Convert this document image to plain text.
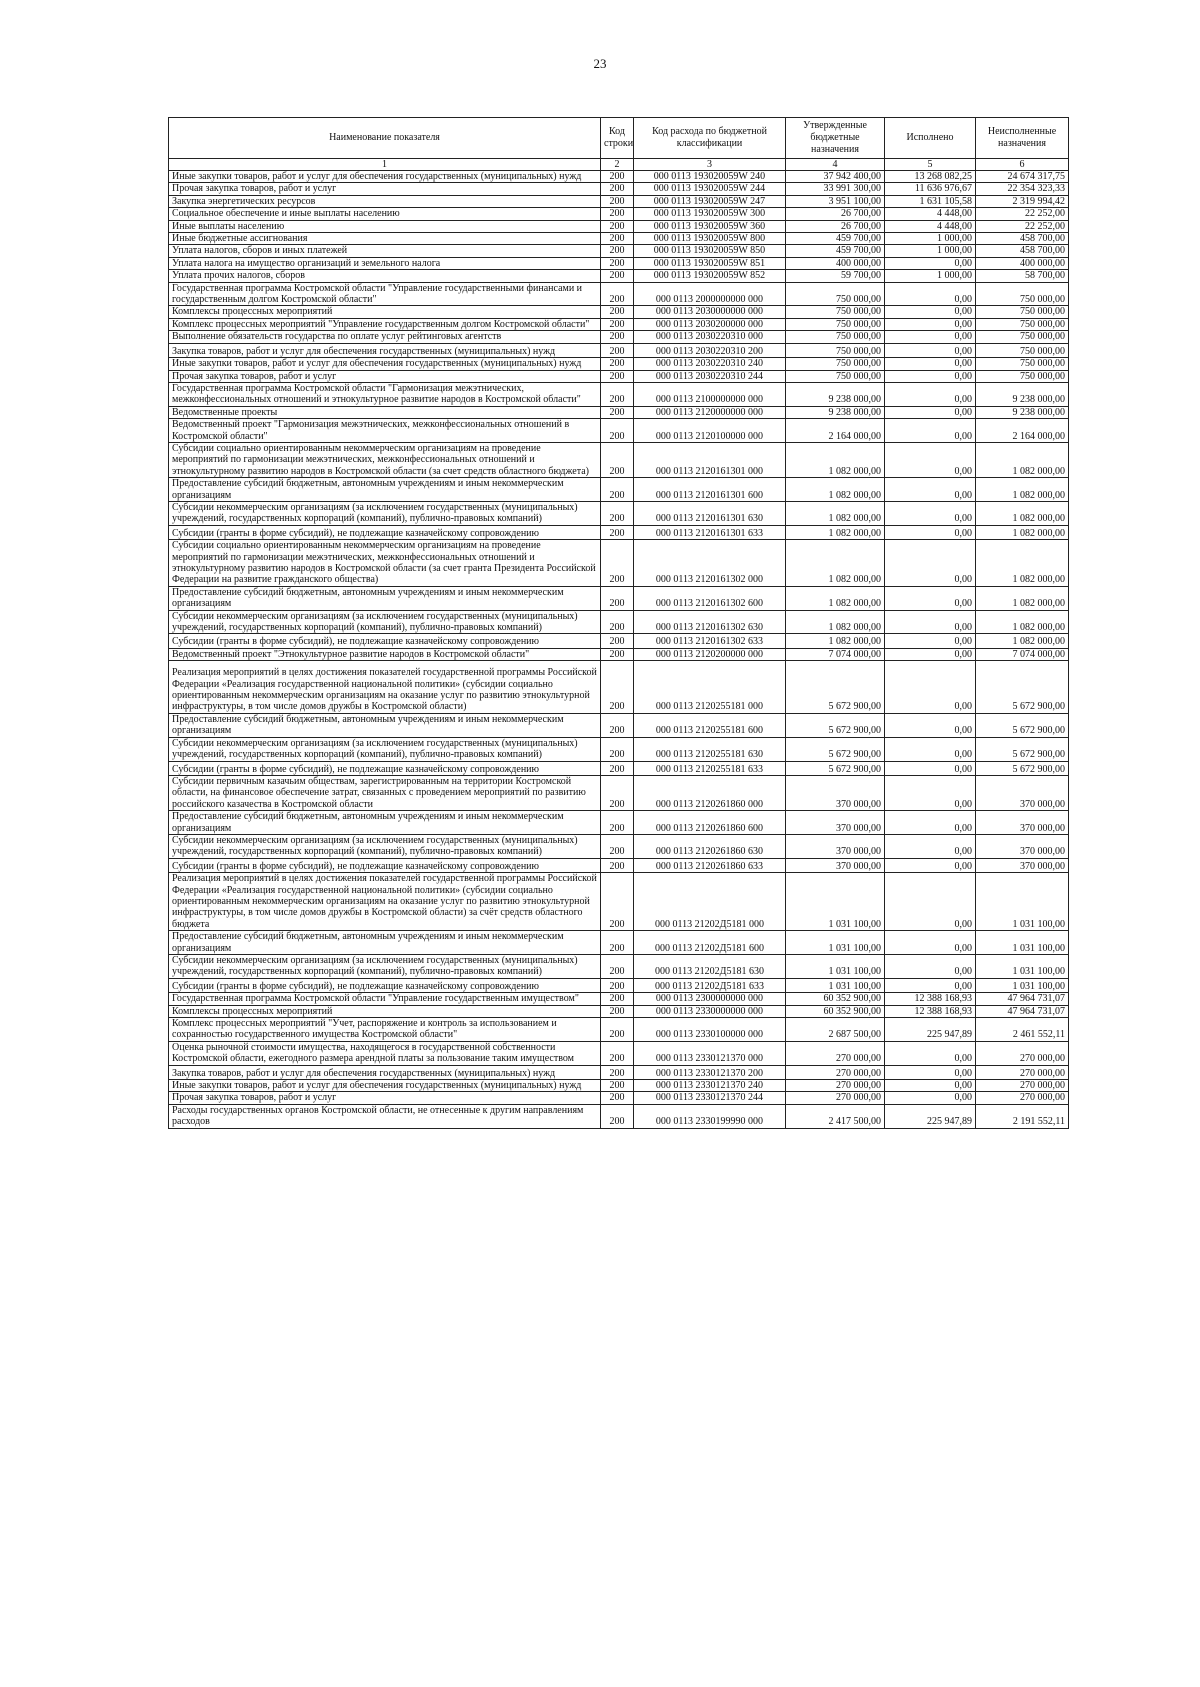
23
Наименование показателя	Код строки	Код расхода по бюджетной классификации	Утвержденные бюджетные назначения	Исполнено	Неисполненные назначения
1	2	3	4	5	6
Иные закупки товаров, работ и услуг для обеспечения государственных (муниципальных) нужд	200	000 0113 193020059W 240	37 942 400,00	13 268 082,25	24 674 317,75
Прочая закупка товаров, работ и услуг	200	000 0113 193020059W 244	33 991 300,00	11 636 976,67	22 354 323,33
Закупка энергетических ресурсов	200	000 0113 193020059W 247	3 951 100,00	1 631 105,58	2 319 994,42
Социальное обеспечение и иные выплаты населению	200	000 0113 193020059W 300	26 700,00	4 448,00	22 252,00
Иные выплаты населению	200	000 0113 193020059W 360	26 700,00	4 448,00	22 252,00
Иные бюджетные ассигнования	200	000 0113 193020059W 800	459 700,00	1 000,00	458 700,00
Уплата налогов, сборов и иных платежей	200	000 0113 193020059W 850	459 700,00	1 000,00	458 700,00
Уплата налога на имущество организаций и земельного налога	200	000 0113 193020059W 851	400 000,00	0,00	400 000,00
Уплата прочих налогов, сборов	200	000 0113 193020059W 852	59 700,00	1 000,00	58 700,00
Государственная программа Костромской области "Управление государственными финансами и государственным долгом Костромской области"	200	000 0113 2000000000 000	750 000,00	0,00	750 000,00
Комплексы процессных мероприятий	200	000 0113 2030000000 000	750 000,00	0,00	750 000,00
Комплекс процессных мероприятий "Управление государственным долгом Костромской области"	200	000 0113 2030200000 000	750 000,00	0,00	750 000,00
Выполнение обязательств государства по оплате услуг рейтинговых агентств	200	000 0113 2030220310 000	750 000,00	0,00	750 000,00
Закупка товаров, работ и услуг для обеспечения государственных (муниципальных) нужд	200	000 0113 2030220310 200	750 000,00	0,00	750 000,00
Иные закупки товаров, работ и услуг для обеспечения государственных (муниципальных) нужд	200	000 0113 2030220310 240	750 000,00	0,00	750 000,00
Прочая закупка товаров, работ и услуг	200	000 0113 2030220310 244	750 000,00	0,00	750 000,00
Государственная программа Костромской области "Гармонизация межэтнических, межконфессиональных отношений и этнокультурное развитие народов в Костромской области"	200	000 0113 2100000000 000	9 238 000,00	0,00	9 238 000,00
Ведомственные проекты	200	000 0113 2120000000 000	9 238 000,00	0,00	9 238 000,00
Ведомственный проект "Гармонизация межэтнических, межконфессиональных отношений в Костромской области"	200	000 0113 2120100000 000	2 164 000,00	0,00	2 164 000,00
Субсидии социально ориентированным некоммерческим организациям на проведение мероприятий по гармонизации межэтнических, межконфессиональных отношений и этнокультурному развитию народов в Костромской области (за счет средств областного бюджета)	200	000 0113 2120161301 000	1 082 000,00	0,00	1 082 000,00
Предоставление субсидий бюджетным, автономным учреждениям и иным некоммерческим организациям	200	000 0113 2120161301 600	1 082 000,00	0,00	1 082 000,00
Субсидии некоммерческим организациям (за исключением государственных (муниципальных) учреждений, государственных корпораций (компаний), публично-правовых компаний)	200	000 0113 2120161301 630	1 082 000,00	0,00	1 082 000,00
Субсидии (гранты в форме субсидий), не подлежащие казначейскому сопровождению	200	000 0113 2120161301 633	1 082 000,00	0,00	1 082 000,00
Субсидии социально ориентированным некоммерческим организациям на проведение мероприятий по гармонизации межэтнических, межконфессиональных отношений и этнокультурному развитию народов в Костромской области (за счет гранта Президента Российской Федерации на развитие гражданского общества)	200	000 0113 2120161302 000	1 082 000,00	0,00	1 082 000,00
Предоставление субсидий бюджетным, автономным учреждениям и иным некоммерческим организациям	200	000 0113 2120161302 600	1 082 000,00	0,00	1 082 000,00
Субсидии некоммерческим организациям (за исключением государственных (муниципальных) учреждений, государственных корпораций (компаний), публично-правовых компаний)	200	000 0113 2120161302 630	1 082 000,00	0,00	1 082 000,00
Субсидии (гранты в форме субсидий), не подлежащие казначейскому сопровождению	200	000 0113 2120161302 633	1 082 000,00	0,00	1 082 000,00
Ведомственный проект "Этнокультурное развитие народов в Костромской области"	200	000 0113 2120200000 000	7 074 000,00	0,00	7 074 000,00
Реализация мероприятий в целях достижения показателей государственной программы Российской Федерации «Реализация государственной национальной политики» (субсидии социально ориентированным некоммерческим организациям на оказание услуг по развитию этнокультурной инфраструктуры, в том числе домов дружбы в Костромской области)	200	000 0113 2120255181 000	5 672 900,00	0,00	5 672 900,00
Предоставление субсидий бюджетным, автономным учреждениям и иным некоммерческим организациям	200	000 0113 2120255181 600	5 672 900,00	0,00	5 672 900,00
Субсидии некоммерческим организациям (за исключением государственных (муниципальных) учреждений, государственных корпораций (компаний), публично-правовых компаний)	200	000 0113 2120255181 630	5 672 900,00	0,00	5 672 900,00
Субсидии (гранты в форме субсидий), не подлежащие казначейскому сопровождению	200	000 0113 2120255181 633	5 672 900,00	0,00	5 672 900,00
Субсидии первичным казачьим обществам, зарегистрированным на территории Костромской области, на финансовое обеспечение затрат, связанных с проведением мероприятий по развитию российского казачества в Костромской области	200	000 0113 2120261860 000	370 000,00	0,00	370 000,00
Предоставление субсидий бюджетным, автономным учреждениям и иным некоммерческим организациям	200	000 0113 2120261860 600	370 000,00	0,00	370 000,00
Субсидии некоммерческим организациям (за исключением государственных (муниципальных) учреждений, государственных корпораций (компаний), публично-правовых компаний)	200	000 0113 2120261860 630	370 000,00	0,00	370 000,00
Субсидии (гранты в форме субсидий), не подлежащие казначейскому сопровождению	200	000 0113 2120261860 633	370 000,00	0,00	370 000,00
Реализация мероприятий в целях достижения показателей государственной программы Российской Федерации «Реализация государственной национальной политики» (субсидии социально ориентированным некоммерческим организациям на оказание услуг по развитию этнокультурной инфраструктуры, в том числе домов дружбы в Костромской области) за счёт средств областного бюджета	200	000 0113 21202Д5181 000	1 031 100,00	0,00	1 031 100,00
Предоставление субсидий бюджетным, автономным учреждениям и иным некоммерческим организациям	200	000 0113 21202Д5181 600	1 031 100,00	0,00	1 031 100,00
Субсидии некоммерческим организациям (за исключением государственных (муниципальных) учреждений, государственных корпораций (компаний), публично-правовых компаний)	200	000 0113 21202Д5181 630	1 031 100,00	0,00	1 031 100,00
Субсидии (гранты в форме субсидий), не подлежащие казначейскому сопровождению	200	000 0113 21202Д5181 633	1 031 100,00	0,00	1 031 100,00
Государственная программа Костромской области "Управление государственным имуществом"	200	000 0113 2300000000 000	60 352 900,00	12 388 168,93	47 964 731,07
Комплексы процессных мероприятий	200	000 0113 2330000000 000	60 352 900,00	12 388 168,93	47 964 731,07
Комплекс процессных мероприятий "Учет, распоряжение и контроль за использованием и сохранностью государственного имущества Костромской области"	200	000 0113 2330100000 000	2 687 500,00	225 947,89	2 461 552,11
Оценка рыночной стоимости имущества, находящегося в государственной собственности Костромской области, ежегодного размера арендной платы за пользование таким имуществом	200	000 0113 2330121370 000	270 000,00	0,00	270 000,00
Закупка товаров, работ и услуг для обеспечения государственных (муниципальных) нужд	200	000 0113 2330121370 200	270 000,00	0,00	270 000,00
Иные закупки товаров, работ и услуг для обеспечения государственных (муниципальных) нужд	200	000 0113 2330121370 240	270 000,00	0,00	270 000,00
Прочая закупка товаров, работ и услуг	200	000 0113 2330121370 244	270 000,00	0,00	270 000,00
Расходы государственных органов Костромской области, не отнесенные к другим направлениям расходов	200	000 0113 2330199990 000	2 417 500,00	225 947,89	2 191 552,11
